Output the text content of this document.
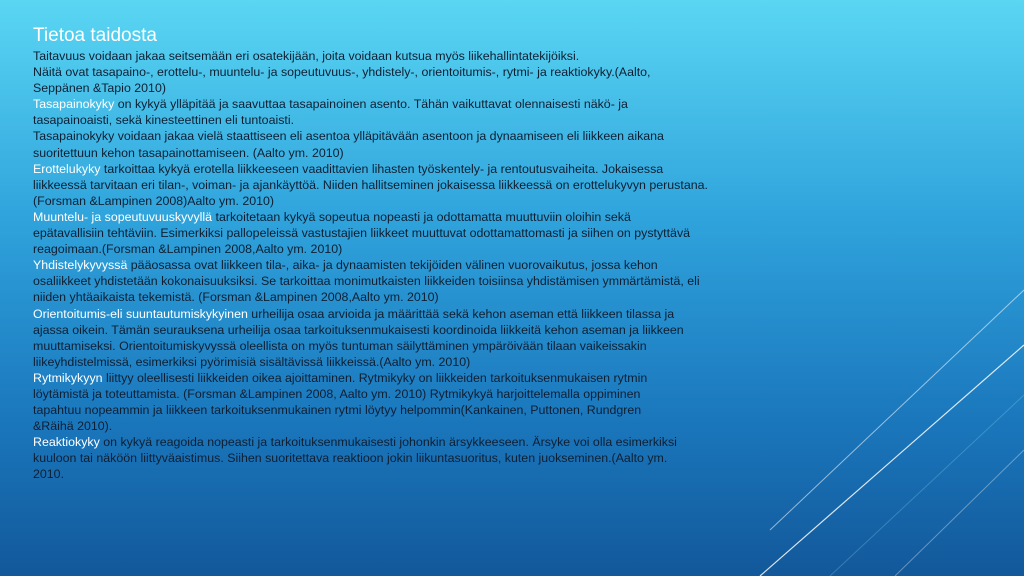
Tietoa taidosta

Taitavuus voidaan jakaa seitsemään eri osatekijään, joita voidaan kutsua myös liikehallintatekijöiksi.

Näitä ovat tasapaino-, erottelu-, muuntelu- ja sopeutuvuus-, yhdistely-, orientoitumis-, rytmi- ja reaktiokyky.(Aalto,

Seppänen &Tapio 2010)

Tasapainokyky on kykyä ylläpitää ja saavuttaa tasapainoinen asento. Tähän vaikuttavat olennaisesti näkö- ja

tasapainoaisti, sekä kinesteettinen eli tuntoaisti.

Tasapainokyky voidaan jakaa vielä staattiseen eli asentoa ylläpitävään asentoon ja dynaamiseen eli liikkeen aikana

suoritettuun kehon tasapainottamiseen. (Aalto ym. 2010)

Erottelukyky tarkoittaa kykyä erotella liikkeeseen vaadittavien lihasten työskentely- ja rentoutusvaiheita. Jokaisessa

liikkeessä tarvitaan eri tilan-, voiman- ja ajankäyttöä. Niiden hallitseminen jokaisessa liikkeessä on erottelukyvyn perustana.

(Forsman &Lampinen 2008)Aalto ym. 2010)

Muuntelu- ja sopeutuvuuskyvyllä tarkoitetaan kykyä sopeutua nopeasti ja odottamatta muuttuviin oloihin sekä

epätavallisiin tehtäviin. Esimerkiksi pallopeleissä vastustajien liikkeet muuttuvat odottamattomasti ja siihen on pystyttävä

reagoimaan.(Forsman &Lampinen 2008,Aalto ym. 2010)

Yhdistelykyvyssä pääosassa ovat liikkeen tila-, aika- ja dynaamisten tekijöiden välinen vuorovaikutus, jossa kehon

osaliikkeet yhdistetään kokonaisuuksiksi. Se tarkoittaa monimutkaisten liikkeiden toisiinsa yhdistämisen ymmärtämistä, eli

niiden yhtäaikaista tekemistä. (Forsman &Lampinen 2008,Aalto ym. 2010)

Orientoitumis-eli suuntautumiskykyinen urheilija osaa arvioida ja määrittää sekä kehon aseman että liikkeen tilassa ja

ajassa oikein. Tämän seurauksena urheilija osaa tarkoituksenmukaisesti koordinoida liikkeitä kehon aseman ja liikkeen

muuttamiseksi. Orientoitumiskyvyssä oleellista on myös tuntuman säilyttäminen ympäröivään tilaan vaikeissakin

liikeyhdistelmissä, esimerkiksi pyörimisiä sisältävissä liikkeissä.(Aalto ym. 2010)

Rytmikykyyn liittyy oleellisesti liikkeiden oikea ajoittaminen. Rytmikyky on liikkeiden tarkoituksenmukaisen rytmin

löytämistä ja toteuttamista. (Forsman &Lampinen 2008, Aalto ym. 2010) Rytmikykyä harjoittelemalla oppiminen

tapahtuu nopeammin ja liikkeen tarkoituksenmukainen rytmi löytyy helpommin(Kankainen, Puttonen, Rundgren

&Räihä 2010).

Reaktiokyky on kykyä reagoida nopeasti ja tarkoituksenmukaisesti johonkin ärsykkeeseen. Ärsyke voi olla esimerkiksi

kuuloon tai näköön liittyväaistimus. Siihen suoritettava reaktioon jokin liikuntasuoritus, kuten juokseminen.(Aalto ym.

2010.
